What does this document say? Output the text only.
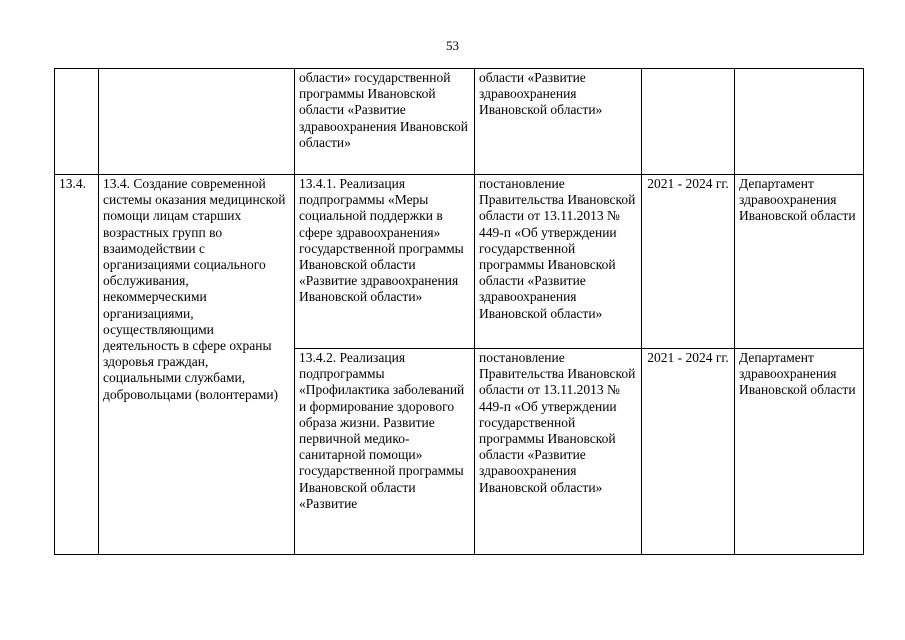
53
		области» государственной программы Ивановской области «Развитие здравоохранения Ивановской области»	области «Развитие здравоохранения Ивановской области»		
13.4.	13.4. Создание современной системы оказания медицинской помощи лицам старших возрастных групп во взаимодействии с организациями социального обслуживания, некоммерческими организациями, осуществляющими деятельность в сфере охраны здоровья граждан, социальными службами, добровольцами (волонтерами)	13.4.1. Реализация подпрограммы «Меры социальной поддержки в сфере здравоохранения» государственной программы Ивановской области «Развитие здравоохранения Ивановской области»	постановление Правительства Ивановской области от 13.11.2013 № 449-п «Об утверждении государственной программы Ивановской области «Развитие здравоохранения Ивановской области»	2021 - 2024 гг.	Департамент здравоохранения Ивановской области
		13.4.2. Реализация подпрограммы «Профилактика заболеваний и формирование здорового образа жизни. Развитие первичной медико-санитарной помощи» государственной программы Ивановской области «Развитие	постановление Правительства Ивановской области от 13.11.2013 № 449-п «Об утверждении государственной программы Ивановской области «Развитие здравоохранения Ивановской области»	2021 - 2024 гг.	Департамент здравоохранения Ивановской области
